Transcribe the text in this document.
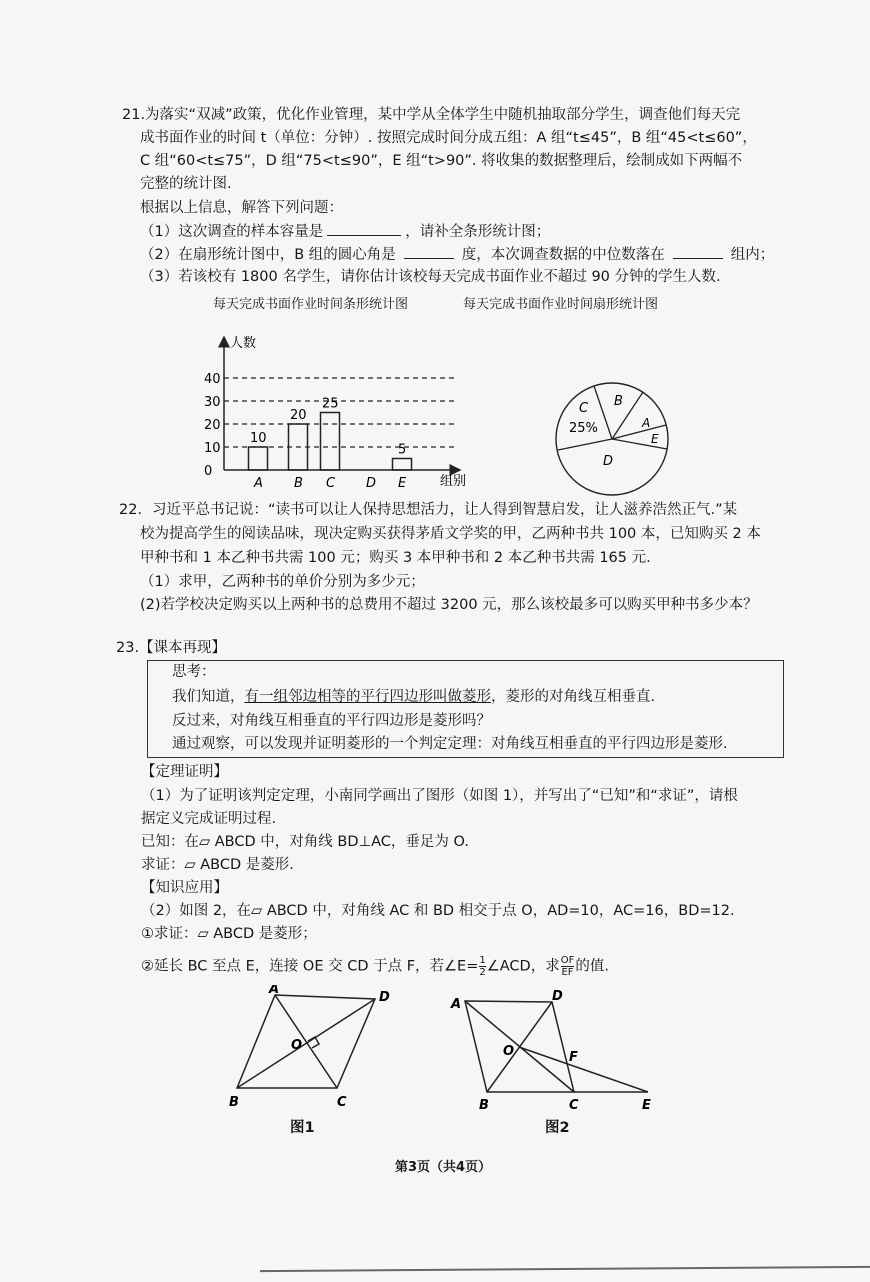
21.为落实“双减”政策，优化作业管理，某中学从全体学生中随机抽取部分学生，调查他们每天完
成书面作业的时间 t（单位：分钟）. 按照完成时间分成五组：A 组“t≤45”，B 组“45<t≤60”，
C 组“60<t≤75”，D 组“75<t≤90”，E 组“t>90”. 将收集的数据整理后，绘制成如下两幅不
完整的统计图.
根据以上信息，解答下列问题：
（1）这次调查的样本容量是	，请补全条形统计图；
（2）在扇形统计图中，B 组的圆心角是	度，本次调查数据的中位数落在	组内；
（3）若该校有 1800 名学生，请你估计该校每天完成书面作业不超过 90 分钟的学生人数.
每天完成书面作业时间条形统计图	每天完成书面作业时间扇形统计图
人数
组别
0
10
20
30
40
A B C D E
10
20
25
5
C
25%
B
A
E
D
22．习近平总书记说：“读书可以让人保持思想活力，让人得到智慧启发，让人滋养浩然正气.”某
校为提高学生的阅读品味，现决定购买获得茅盾文学奖的甲，乙两种书共 100 本，已知购买 2 本
甲种书和 1 本乙种书共需 100 元；购买 3 本甲种书和 2 本乙种书共需 165 元.
（1）求甲，乙两种书的单价分别为多少元；
(2)若学校决定购买以上两种书的总费用不超过 3200 元，那么该校最多可以购买甲种书多少本？
23.【课本再现】
思考：
我们知道，有一组邻边相等的平行四边形叫做菱形，菱形的对角线互相垂直.
反过来，对角线互相垂直的平行四边形是菱形吗？
通过观察，可以发现并证明菱形的一个判定定理：对角线互相垂直的平行四边形是菱形.
【定理证明】
（1）为了证明该判定定理，小南同学画出了图形（如图 1），并写出了“已知”和“求证”，请根
据定义完成证明过程.
已知：在▱ ABCD 中，对角线 BD⊥AC，垂足为 O.
求证：▱ ABCD 是菱形.
【知识应用】
（2）如图 2，在▱ ABCD 中，对角线 AC 和 BD 相交于点 O，AD=10，AC=16，BD=12.
①求证：▱ ABCD 是菱形；
②延长 BC 至点 E，连接 OE 交 CD 于点 F，若∠E= $\frac{1}{2}$ ∠ACD，求 $\frac{OF}{EF}$ 的值.
A
D
O
B	C
图1
A
D
O	F
B	C	E
图2
第3页（共4页）
